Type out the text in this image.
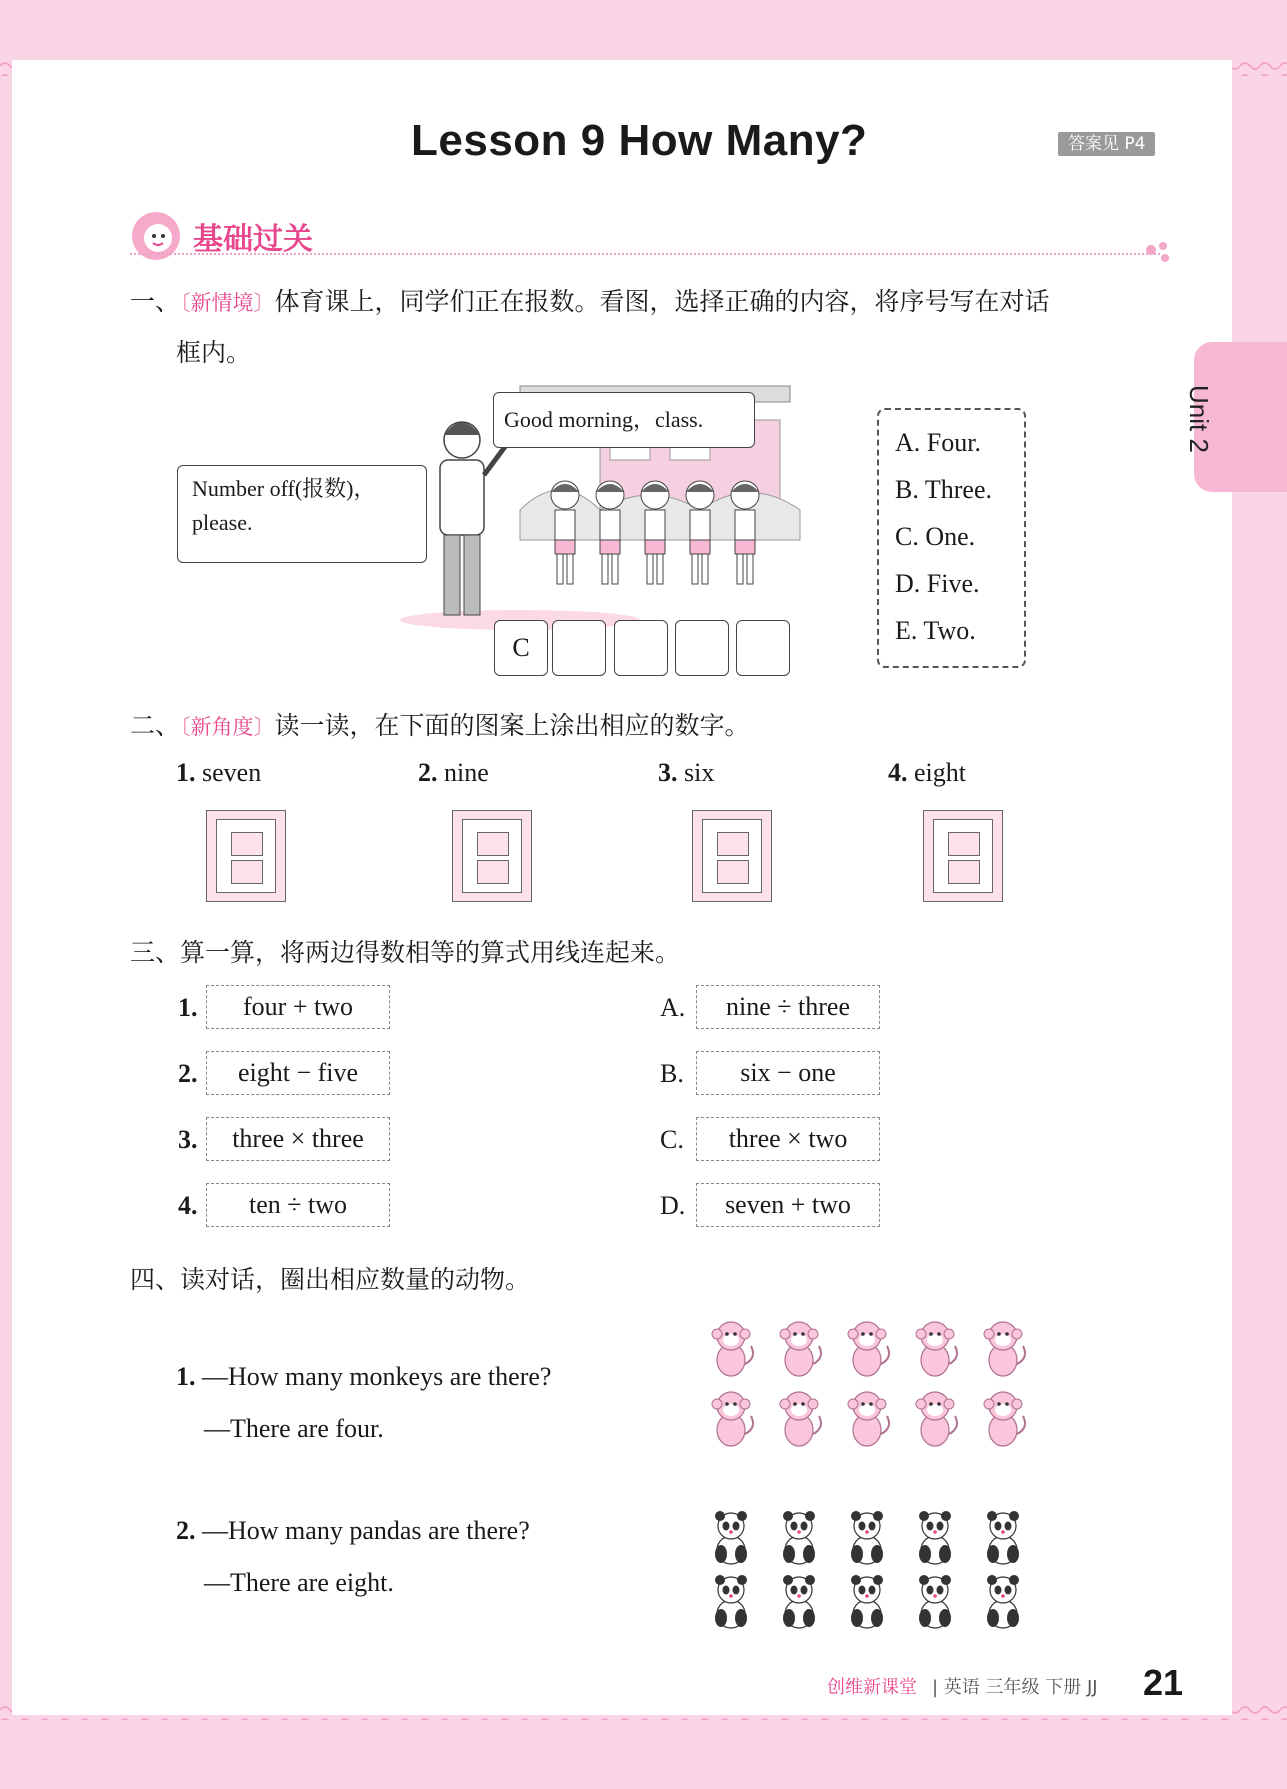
Lesson 9 How Many?	答案见 P4
Unit 2
基础过关
一、〔新情境〕体育课上，同学们正在报数。看图，选择正确的内容，将序号写在对话
框内。
Good morning，class.
Number off(报数)，
please.
C
A. Four.
B. Three.
C. One.
D. Five.
E. Two.
二、〔新角度〕读一读，在下面的图案上涂出相应的数字。
1. seven	2. nine	3. six	4. eight
三、算一算，将两边得数相等的算式用线连起来。
1.	four + two
2.	eight − five
3.	three × three
4.	ten ÷ two
A.	nine ÷ three
B.	six − one
C.	three × two
D.	seven + two
四、读对话，圈出相应数量的动物。
1. —How many monkeys are there?
—There are four.
2. —How many pandas are there?
—There are eight.
创维新课堂 | 英语 三年级 下册 JJ 21
